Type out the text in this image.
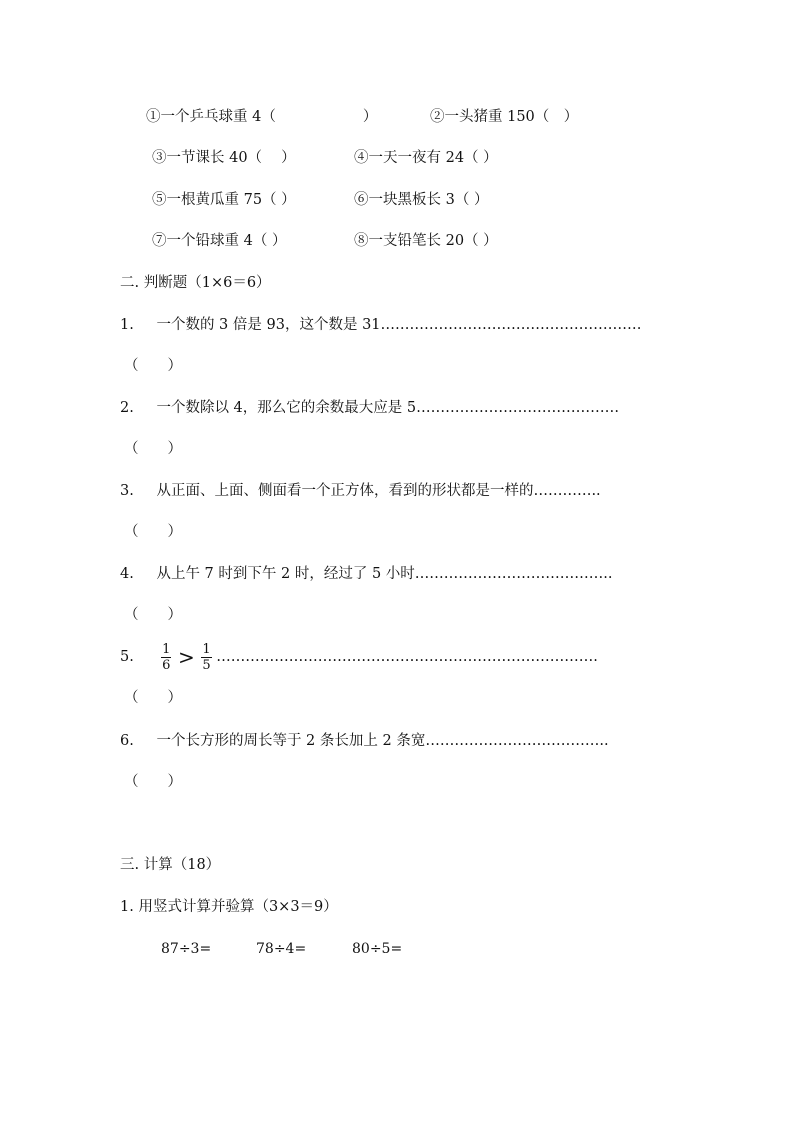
①一个乒乓球重 4（　　　　　　）	②一头猪重 150（　）
③一节课长 40（　 ）	④一天一夜有 24（ ）
⑤一根黄瓜重 75（ ）	⑥一块黑板长 3（ ）
⑦一个铅球重 4（ ）	⑧一支铅笔长 20（ ）
二. 判断题（1×6＝6）
1. 一个数的 3 倍是 93，这个数是 31………………………………………………
（　　）
2. 一个数除以 4，那么它的余数最大应是 5……………………………………
（　　）
3. 从正面、上面、侧面看一个正方体，看到的形状都是一样的…………..
（　　）
4. 从上午 7 时到下午 2 时，经过了 5 小时…………………………………..
（　　）
5. $\frac{1}{6} > \frac{1}{5}$ …………………………………………………………………….
（　　）
6. 一个长方形的周长等于 2 条长加上 2 条宽………………………………..
（　　）
三. 计算（18）
1. 用竖式计算并验算（3×3＝9）
87÷3=	78÷4=	80÷5=
